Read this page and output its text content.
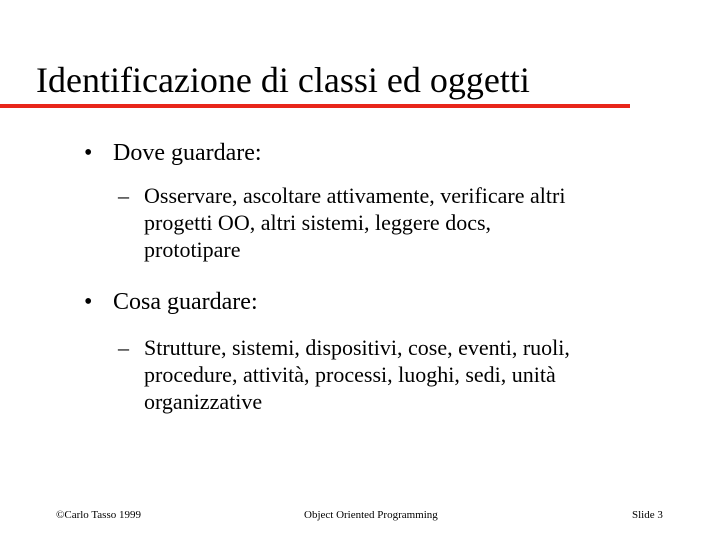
Identificazione di classi ed oggetti
• Dove guardare:
– Osservare, ascoltare attivamente, verificare altri
progetti OO, altri sistemi, leggere docs,
prototipare
• Cosa guardare:
– Strutture, sistemi, dispositivi, cose, eventi, ruoli,
procedure, attività, processi, luoghi, sedi, unità
organizzative
©Carlo Tasso 1999	Object Oriented Programming	Slide 3
